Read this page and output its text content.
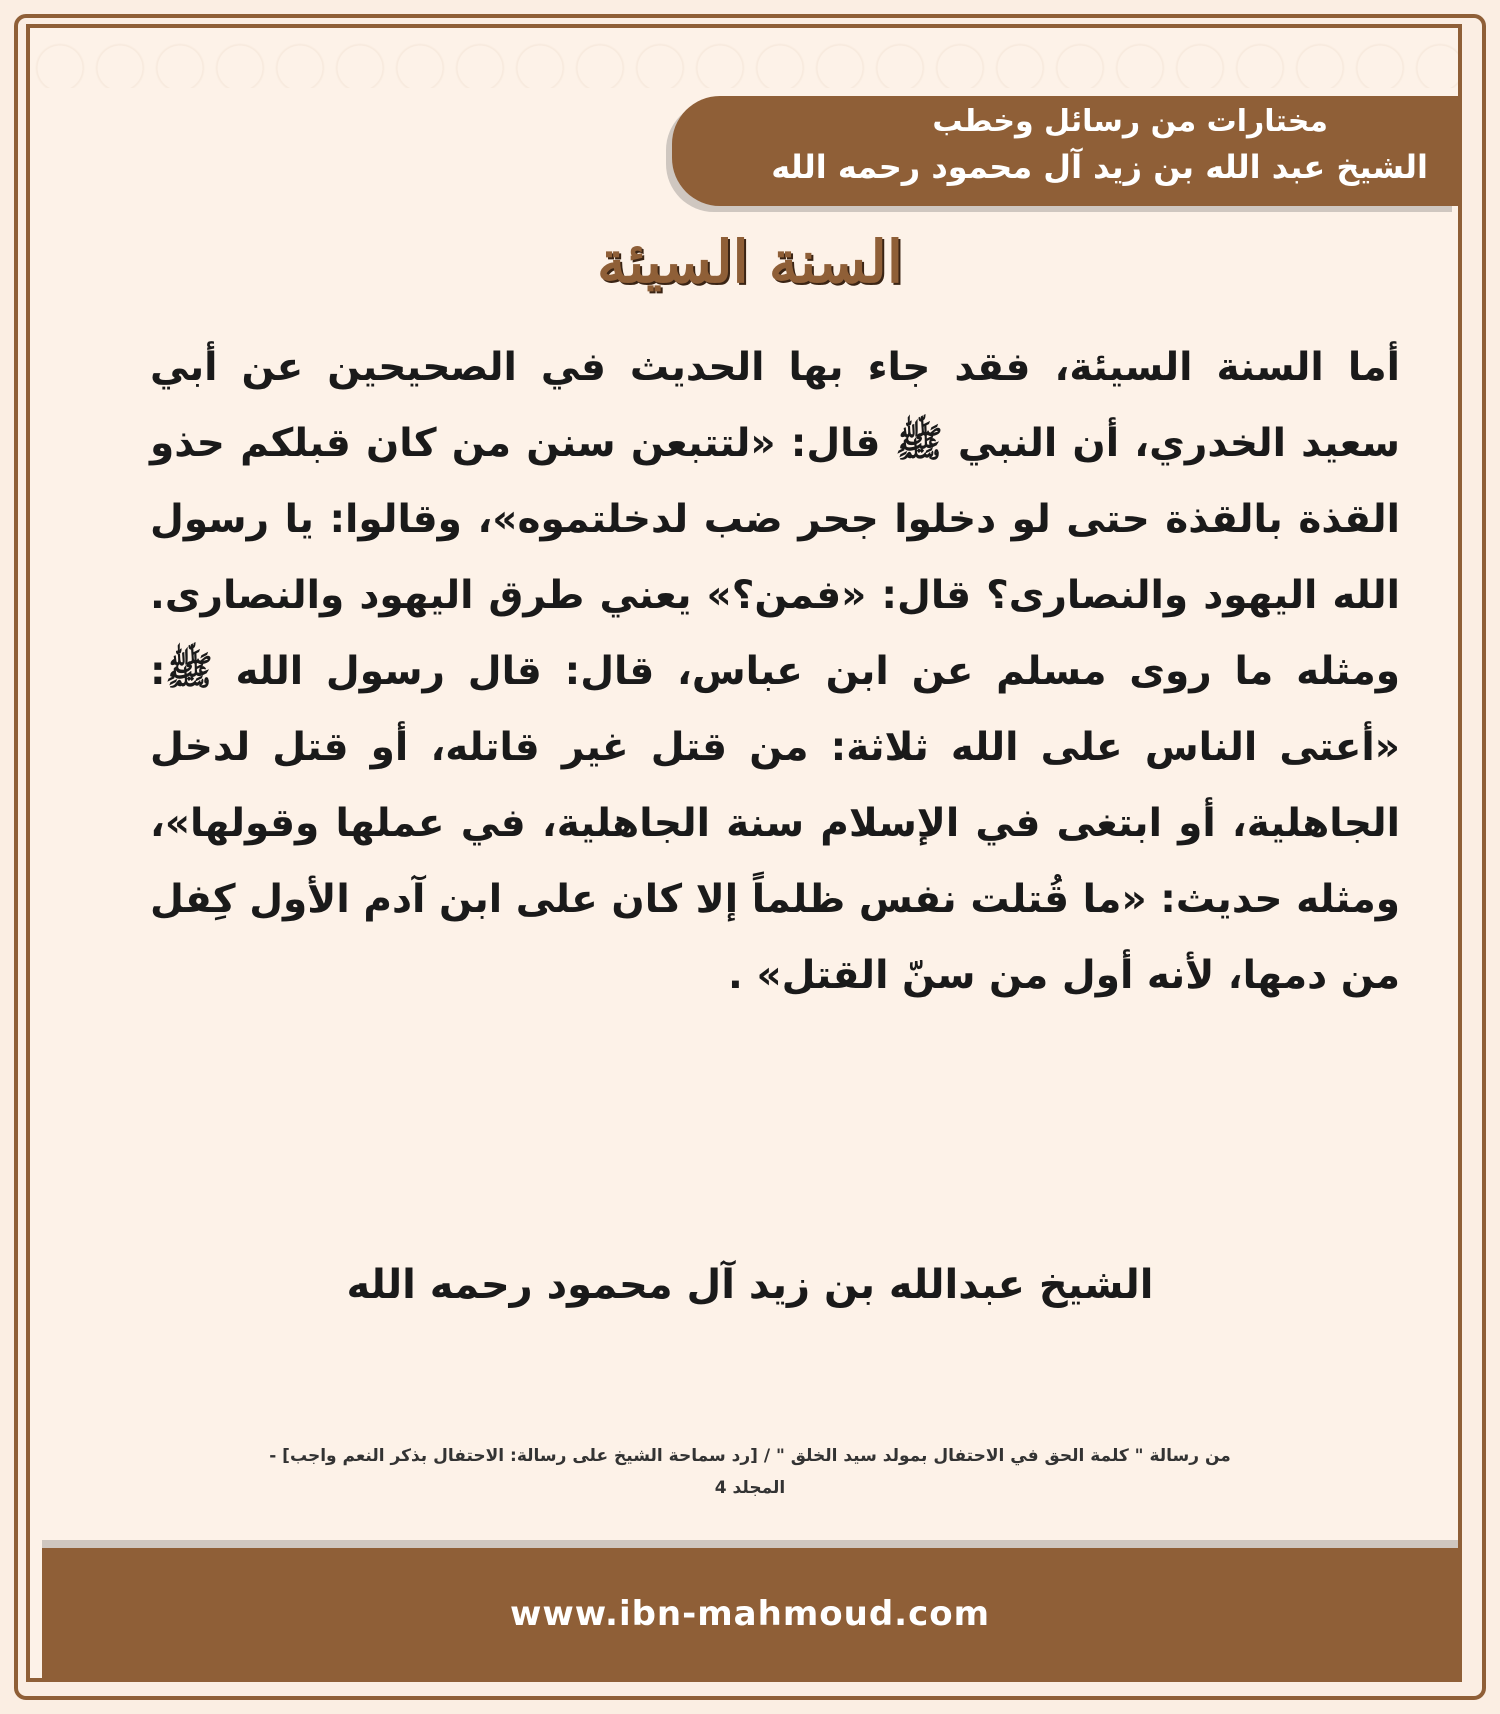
مختارات من رسائل وخطب
الشيخ عبد الله بن زيد آل محمود رحمه الله
السنة السيئة
أما السنة السيئة، فقد جاء بها الحديث في الصحيحين عن أبي سعيد الخدري، أن النبي ﷺ قال: «لتتبعن سنن من كان قبلكم حذو القذة بالقذة حتى لو دخلوا جحر ضب لدخلتموه»، وقالوا: يا رسول الله اليهود والنصارى؟ قال: «فمن؟» يعني طرق اليهود والنصارى. ومثله ما روى مسلم عن ابن عباس، قال: قال رسول الله ﷺ: «أعتى الناس على الله ثلاثة: من قتل غير قاتله، أو قتل لدخل الجاهلية، أو ابتغى في الإسلام سنة الجاهلية، في عملها وقولها»، ومثله حديث: «ما قُتلت نفس ظلماً إلا كان على ابن آدم الأول كِفل من دمها، لأنه أول من سنّ القتل» .
الشيخ عبدالله بن زيد آل محمود رحمه الله
من رسالة " كلمة الحق في الاحتفال بمولد سيد الخلق " / [رد سماحة الشيخ على رسالة: الاحتفال بذكر النعم واجب] -
المجلد 4
www.ibn-mahmoud.com
